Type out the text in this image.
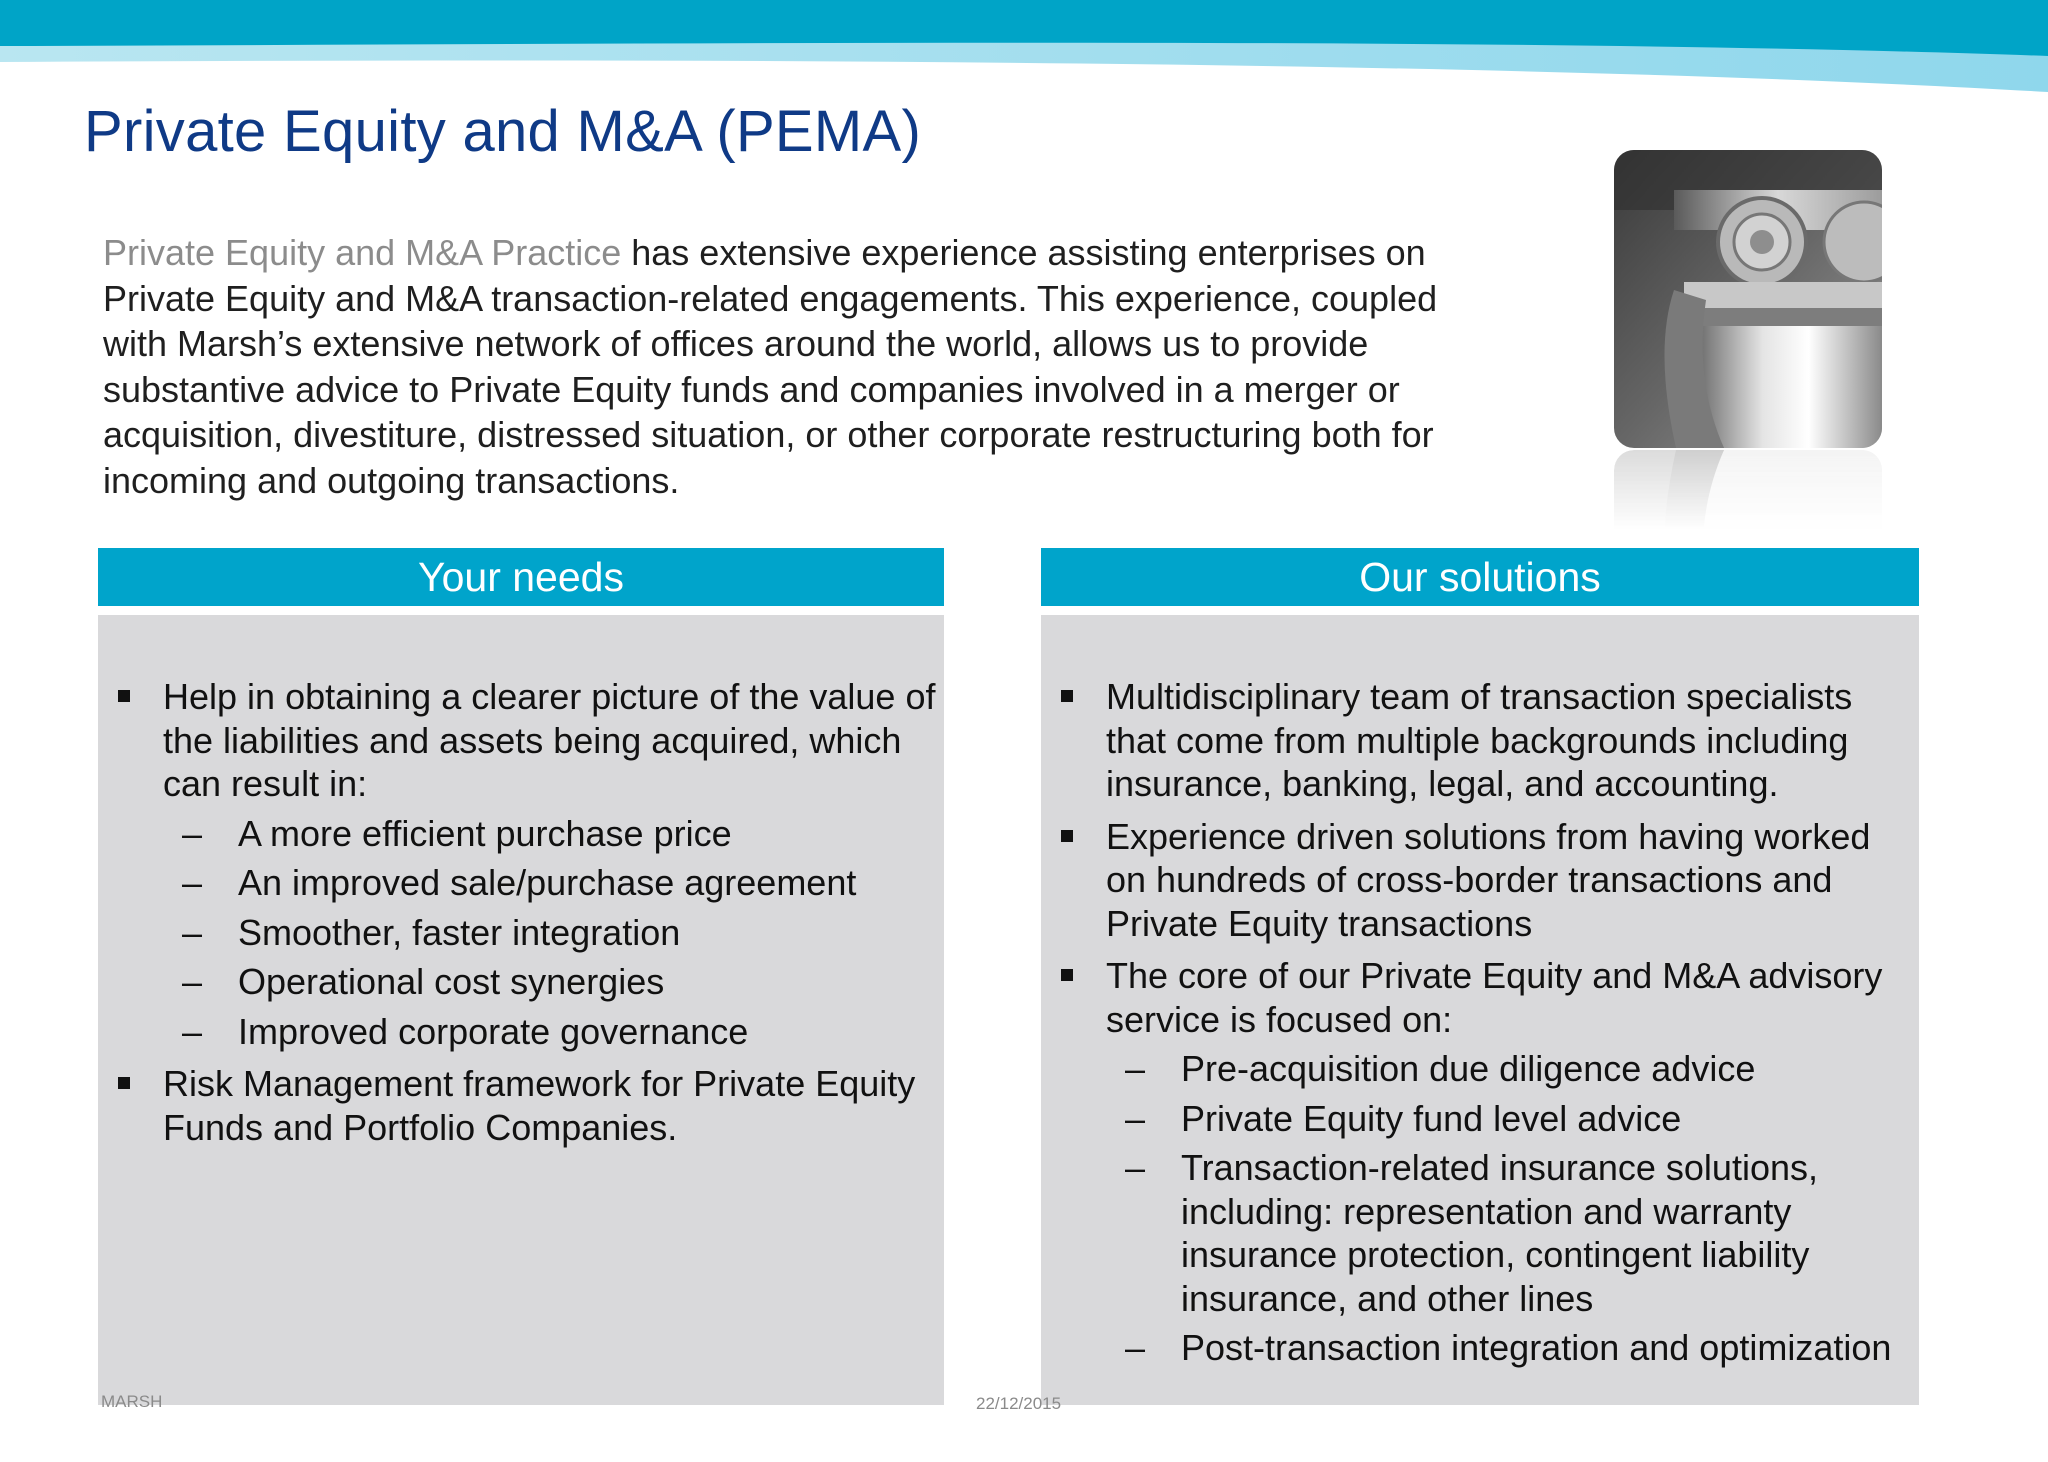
Private Equity and M&A (PEMA)

Private Equity and M&A Practice has extensive experience assisting enterprises on Private Equity and M&A transaction-related engagements. This experience, coupled with Marsh’s extensive network of offices around the world, allows us to provide substantive advice to Private Equity funds and companies involved in a merger or acquisition, divestiture, distressed situation, or other corporate restructuring both for incoming and outgoing transactions.

Your needs
Help in obtaining a clearer picture of the value of the liabilities and assets being acquired, which can result in:
– A more efficient purchase price
– An improved sale/purchase agreement
– Smoother, faster integration
– Operational cost synergies
– Improved corporate governance
Risk Management framework for Private Equity Funds and Portfolio Companies.
Our solutions
Multidisciplinary team of transaction specialists that come from multiple backgrounds including insurance, banking, legal, and accounting.
Experience driven solutions from having worked on hundreds of cross-border transactions and Private Equity transactions
The core of our Private Equity and M&A advisory service is focused on:
– Pre-acquisition due diligence advice
– Private Equity fund level advice
– Transaction-related insurance solutions, including: representation and warranty insurance protection, contingent liability insurance, and other lines
– Post-transaction integration and optimization
MARSH	22/12/2015
